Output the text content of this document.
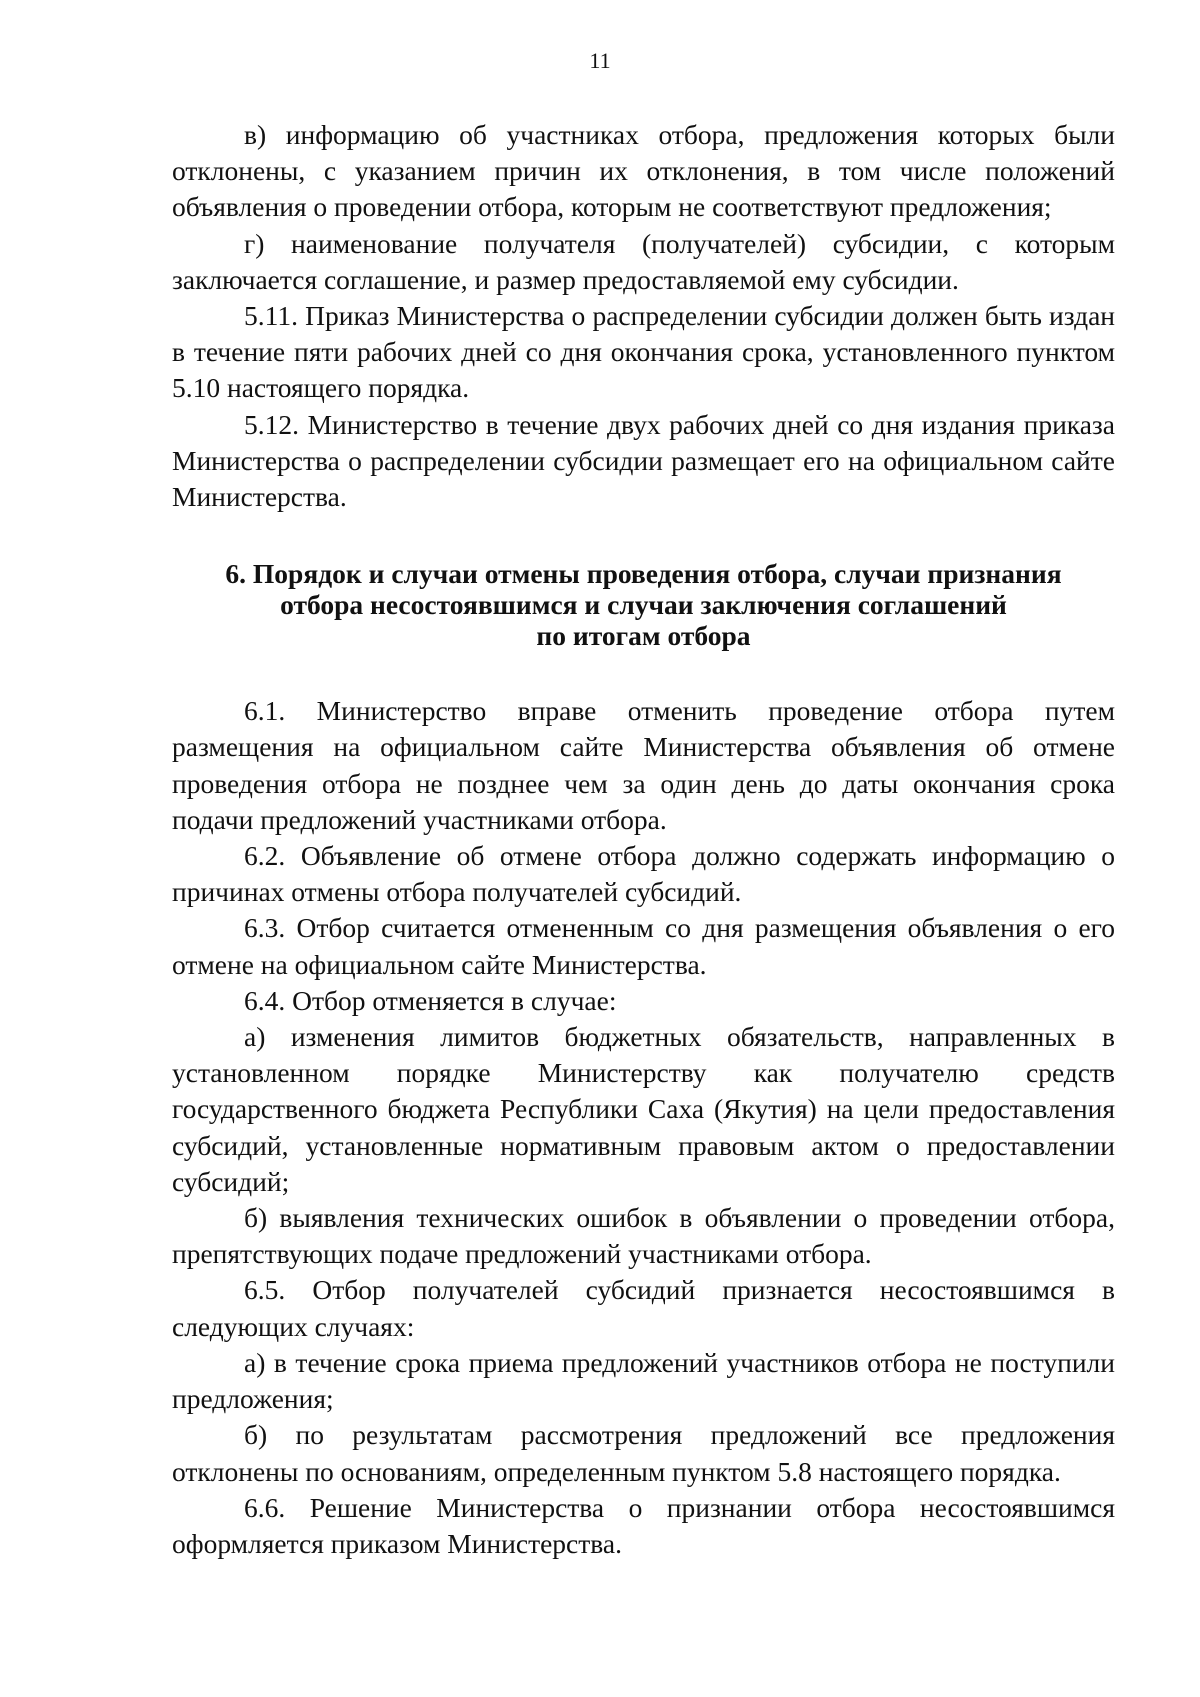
11

в) информацию об участниках отбора, предложения которых были отклонены, с указанием причин их отклонения, в том числе положений объявления о проведении отбора, которым не соответствуют предложения;

г) наименование получателя (получателей) субсидии, с которым заключается соглашение, и размер предоставляемой ему субсидии.

5.11. Приказ Министерства о распределении субсидии должен быть издан в течение пяти рабочих дней со дня окончания срока, установленного пунктом 5.10 настоящего порядка.

5.12. Министерство в течение двух рабочих дней со дня издания приказа Министерства о распределении субсидии размещает его на официальном сайте Министерства.

6. Порядок и случаи отмены проведения отбора, случаи признания
отбора несостоявшимся и случаи заключения соглашений
по итогам отбора

6.1. Министерство вправе отменить проведение отбора путем размещения на официальном сайте Министерства объявления об отмене проведения отбора не позднее чем за один день до даты окончания срока подачи предложений участниками отбора.

6.2. Объявление об отмене отбора должно содержать информацию о причинах отмены отбора получателей субсидий.

6.3. Отбор считается отмененным со дня размещения объявления о его отмене на официальном сайте Министерства.

6.4. Отбор отменяется в случае:

а) изменения лимитов бюджетных обязательств, направленных в установленном порядке Министерству как получателю средств государственного бюджета Республики Саха (Якутия) на цели предоставления субсидий, установленные нормативным правовым актом о предоставлении субсидий;

б) выявления технических ошибок в объявлении о проведении отбора, препятствующих подаче предложений участниками отбора.

6.5. Отбор получателей субсидий признается несостоявшимся в следующих случаях:

а) в течение срока приема предложений участников отбора не поступили предложения;

б) по результатам рассмотрения предложений все предложения отклонены по основаниям, определенным пунктом 5.8 настоящего порядка.

6.6. Решение Министерства о признании отбора несостоявшимся оформляется приказом Министерства.
